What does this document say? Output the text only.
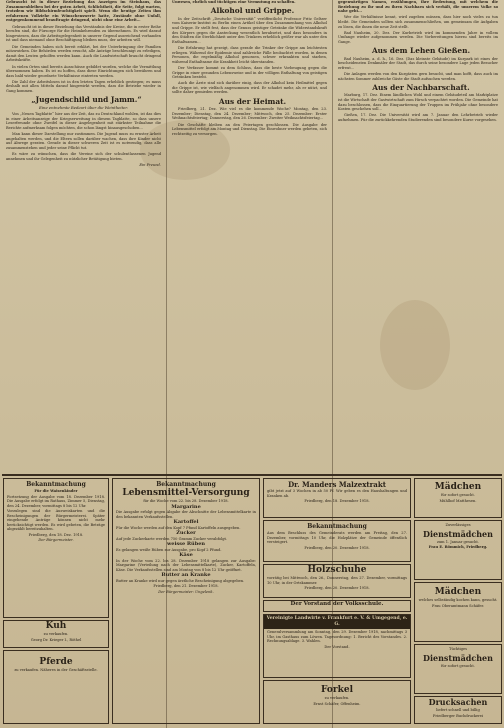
Gebraucht ist in dieser Beziehung das Anzeigen im Steinhaus, das Zusammenbleiben bei der guten Arbeit, Schlichtheit, die Seite, folgt warten, trotzdem wie Bildschirmfeuchtigkeit spielt. Wenn die heutige Zeiten ihm erfahrenen Vollziehe ein Wünschenswerte hatte, Zustände ohne Unfall, entgegenkommend beauftragte dringend, nicht ohne eine Arbeit...

Gebraucht ist in dieser Beziehung das Verständnis der Kreise, die in erster Reihe berufen sind, die Fürsorge für die Heimkehrenden zu übernehmen. Es wird darauf hingewiesen, dass die Arbeitsgelegenheit in unserer Gegend ausreichend vorhanden ist und dass niemand ohne Beschäftigung bleiben muss, der arbeiten will.

Die Gemeinden haben sich bereit erklärt, bei der Unterbringung der Familien mitzuwirken. Die Behörden werden ersucht, alle Anträge beschleunigt zu erledigen, damit den Leuten geholfen werden kann. Auch die Landwirtschaft braucht dringend Arbeitskräfte.

In vielen Orten sind bereits Ausschüsse gebildet worden, welche die Vermittlung übernommen haben. Es ist zu hoffen, dass diese Einrichtungen sich bewähren und dass bald wieder geordnete Verhältnisse eintreten werden.

Die Zahl der Arbeitslosen ist in den letzten Tagen erheblich gestiegen; es muss deshalb mit allen Mitteln darauf hingewirkt werden, dass die Betriebe wieder in Gang kommen.

„Jugendschild und Jamm.“

Eine entnehmte Redeart über die Weintheiter.

Von „Neuen Tagblatte“ hier aus der Zeit, das zu Deutschland wohlen, ist das dies in einer Arbeitsanzeige der Kriegserweitung in diesem Tagblatte, so dass unsere Leserfreunde ohne Zweifel in dieser Angelegenheit mit stärkster Teilnahme die Berichte aufmerksam folgen möchten, die schon längst hinausgeschoben...

Man kann dieser Darstellung nur zustimmen. Die Jugend muss zu ernster Arbeit angehalten werden, und die Eltern sollen darüber wachen, dass ihre Kinder nicht auf Abwege geraten. Gerade in dieser schweren Zeit ist es notwendig, dass alle zusammenstehen und jeder seine Pflicht tut.

Es wäre zu wünschen, dass die Vereine sich der schulentlassenen Jugend annehmen und ihr Gelegenheit zu nützlicher Betätigung bieten.

Ein Freund.

Unwesen, ehrlich und tüchtigen eine Vermutung zu schaffen.

Alkohol und Grippe.

In der Zeitschrift „Deutsche Universität“ veröffentlicht Professor Fritz Geltzer vom Kaiserin-Institut zu Berlin einen Artikel über den Zusammenhang von Alkohol und Grippe. Er stellt fest, dass der Genuss geistiger Getränke die Widerstandskraft des Körpers gegen die Ansteckung wesentlich herabsetzt, und dass besonders in den Städten die Sterblichkeit unter den Trinkern erheblich größer war als unter den Enthaltsamen...

Die Erfahrung hat gezeigt, dass gerade die Trinker der Grippe am leichtesten erliegen. Während der Epidemie sind zahlreiche Fälle beobachtet worden, in denen Personen, die regelmäßig Alkohol genossen, schwer erkrankten und starben, während Enthaltsame die Krankheit leicht überstanden.

Der Verfasser kommt zu dem Schluss, dass die beste Vorbeugung gegen die Grippe in einer gesunden Lebensweise und in der völligen Enthaltung von geistigen Getränken besteht.

Auch die Ärzte sind sich darüber einig, dass der Alkohol kein Heilmittel gegen die Grippe ist, wie vielfach angenommen wird. Er schadet mehr, als er nützt, und sollte daher gemieden werden.

Aus der Heimat.

Friedberg, 21. Dez. Wie viel es die kommende Woche? Montag, den 23. Dezember; Dienstag, den 24. Dezember; Mittwoch, den 25. Dezember: Erster Weihnachtsfeiertag; Donnerstag, den 26. Dezember: Zweiter Weihnachtsfeiertag...

Die Geschäfte bleiben an den Feiertagen geschlossen. Die Ausgabe der Lebensmittel erfolgt am Montag und Dienstag. Die Einwohner werden gebeten, sich rechtzeitig zu versorgen.

gegenwärtigen Namen, erzählungen, ihre Bedeutung, mit welchem die Beziehung zu ihr und zu ihren Nachbarn sich verhält, die unserem Volke so nahe geht...

Wer die Verhältnisse kennt, wird zugeben müssen, dass hier noch vieles zu tun bleibt. Die Gemeinden sollten sich zusammenschließen, um gemeinsam die Aufgaben zu lösen, die ihnen die neue Zeit stellt.

Bad Nauheim, 20. Dez. Der Kurbetrieb wird im kommenden Jahre in vollem Umfange wieder aufgenommen werden. Die Vorbereitungen hierzu sind bereits im Gange.

Aus dem Lehen Gießen.

Bad Nauheim, a. d. h., 16. Dez. (Das kleinste Gebäude) im Kurpark ist eines der bescheidensten Denkmäler der Stadt, das durch seine besondere Lage jeden Besucher erfreut...

Die Anlagen werden von den Kurgästen gern besucht, und man hofft, dass auch im nächsten Sommer zahlreiche Gäste die Stadt aufsuchen werden.

Aus der Nachbarschaft.

Marburg, 17. Dez. Einem ländlichen Wohl und einem Gebäudeteil am Marktplatze ist die Wirtschaft der Gastwirtschaft zum Hirsch verpachtet worden. Die Gemeinde hat dazu beschlossen, dass die Einquartierung der Truppen im Frühjahr ohne besondere Kosten geschehen soll...

Gießen, 17. Dez. Die Universität wird am 7. Januar den Lehrbetrieb wieder aufnehmen. Für die zurückkehrenden Studierenden sind besondere Kurse vorgesehen.

Bekanntmachung
Für die Waisenkinder
Fortsetzung der Ausgabe vom 18. Dezember 1918. Die Ausgabe erfolgt im Rathaus, Zimmer 5, Dienstag, den 24. Dezember, vormittags 8 bis 12 Uhr.
Vorzulegen sind die Ausweiskarten und die Bescheinigungen der Bürgermeisterei. Später eingehende Anträge können nicht mehr berücksichtigt werden. Es wird gebeten, die Beträge abgezählt bereitzuhalten.
Friedberg, den 18. Dez. 1918.
Der Bürgermeister.
Kuh
zu verkaufen.
Georg Dr. Krieger I., Röthel
Pferde
zu verkaufen. Näheres in der Geschäftsstelle.
Bekanntmachung
Lebensmittel-Versorgung
für die Woche vom 22. bis 28. Dezember 1918.
Margarine
Die Ausgabe erfolgt gegen Abgabe der Abschnitte der Lebensmittelkarte in den bekannten Verkaufsstellen.
Kartoffel
Für die Woche werden auf den Kopf 7 Pfund Kartoffeln ausgegeben.
Zucker
Auf jede Zuckerkarte werden 750 Gramm Zucker verabfolgt.
weisse Rüben
Es gelangen weiße Rüben zur Ausgabe, pro Kopf 2 Pfund.
Käse
In der Woche vom 22. bis 28. Dezember 1918 gelangen zur Ausgabe: Margarine (Verteilung nach der Lebensmittelkarte), Zucker, Kartoffeln, Käse. Die Verkaufsstellen sind am Montag von 8 bis 12 Uhr geöffnet.
Butter an Kranke
Butter an Kranke wird nur gegen ärztliche Bescheinigung abgegeben.
Friedberg, den 21. Dezember 1918.
Der Bürgermeister: Ungelenk.
Dr. Manders Malzextrakt
gibt jetzt auf 3 Wochen in ab 50 Pf. Wir geben es den Haushaltungen und Kranken ab.
Friedberg, den 18. Dezember 1918.
Bekanntmachung
Aus dem Beschluss des Gemeinderats werden am Freitag, den 27. Dezember, vormittags 10 Uhr, die Holzplätze der Gemeinde öffentlich versteigert.
Friedberg, den 20. Dezember 1918.
Holzschuhe
vorrätig bei Mittwoch, den 26., Donnerstag, den 27. Dezember, vormittags 10 Uhr, in der Ortskammer.
Friedberg, den 20. Dezember 1918.
Der Vorstand der Volksschule.
Vereinigte Landwirte v. Frankfurt e. V. & Umgegend, e. G.
Generalversammlung am Sonntag, den 29. Dezember 1918, nachmittags 3 Uhr, im Gasthaus zum Löwen. Tagesordnung: 1. Bericht des Vorstandes. 2. Rechnungsablage. 3. Wahlen.
Der Vorstand.
Forkel
zu verkaufen.
Ernst Schäfer, Offenheim.
Mädchen
für sofort gesucht.
Mühlhof Matthesen.
Zuverlässiges
Dienstmädchen
zum 1. Januar gesucht.
Frau E. Römmich, Friedberg.
Mädchen
welches selbständig kochen kann, gesucht.
Frau Oberamtmann Schäfer.
Tüchtiges
Dienstmädchen
für sofort gesucht.
Drucksachen
liefert schnell und billig
Friedberger Buchdruckerei
